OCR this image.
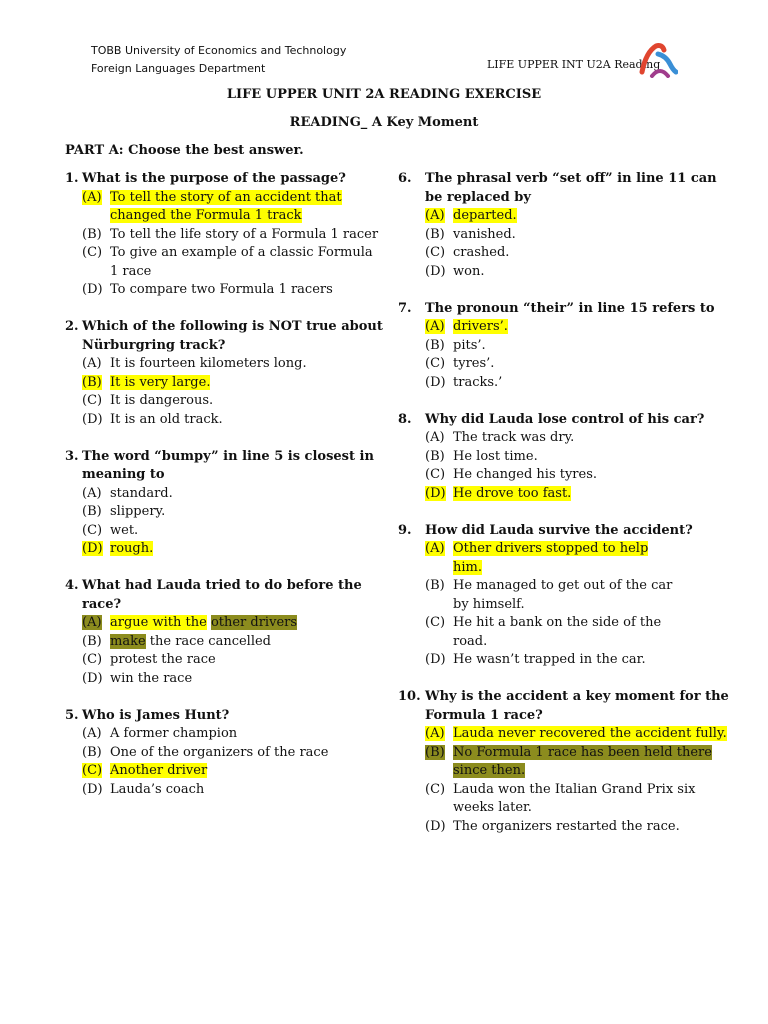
TOBB University of Economics and Technology
Foreign Languages Department	LIFE UPPER INT U2A Reading
LIFE UPPER UNIT 2A READING EXERCISE
READING_ A Key Moment
PART A: Choose the best answer.
1. What is the purpose of the passage?
(A) To tell the story of an accident that changed the Formula 1 track
(B) To tell the life story of a Formula 1 racer
(C) To give an example of a classic Formula 1 race
(D) To compare two Formula 1 racers
2. Which of the following is NOT true about Nürburgring track?
(A) It is fourteen kilometers long.
(B) It is very large.
(C) It is dangerous.
(D) It is an old track.
3. The word “bumpy” in line 5 is closest in meaning to
(A) standard.
(B) slippery.
(C) wet.
(D) rough.
4. What had Lauda tried to do before the race?
(A) argue with the other drivers
(B) make the race cancelled
(C) protest the race
(D) win the race
5. Who is James Hunt?
(A) A former champion
(B) One of the organizers of the race
(C) Another driver
(D) Lauda’s coach
6.	The phrasal verb “set off” in line 11 can be replaced by
(A) departed.
(B) vanished.
(C) crashed.
(D) won.
7.	The pronoun “their” in line 15 refers to
(A) drivers’.
(B) pits’.
(C) tyres’.
(D) tracks.’
8.	Why did Lauda lose control of his car?
(A) The track was dry.
(B) He lost time.
(C) He changed his tyres.
(D) He drove too fast.
9.	How did Lauda survive the accident?
(A) Other drivers stopped to help him.
(B) He managed to get out of the car by himself.
(C) He hit a bank on the side of the road.
(D) He wasn’t trapped in the car.
10. Why is the accident a key moment for the Formula 1 race?
(A) Lauda never recovered the accident fully.
(B) No Formula 1 race has been held there since then.
(C) Lauda won the Italian Grand Prix six weeks later.
(D) The organizers restarted the race.
